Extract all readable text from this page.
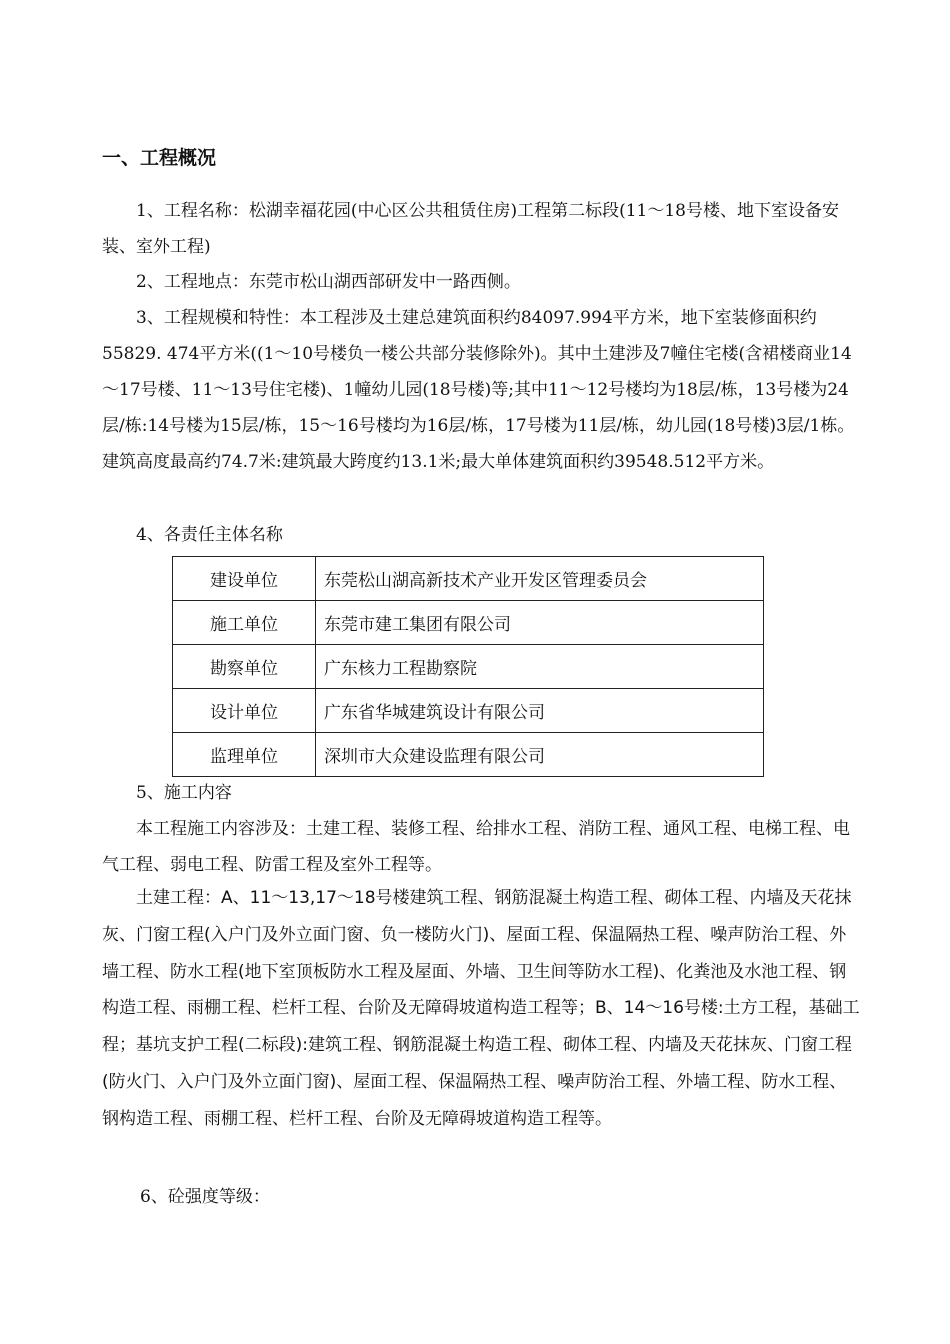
一、工程概况

1、工程名称：松湖幸福花园(中心区公共租赁住房)工程第二标段(11～18号楼、地下室设备安装、室外工程)

2、工程地点：东莞市松山湖西部研发中一路西侧。

3、工程规模和特性：本工程涉及土建总建筑面积约84097.994平方米，地下室装修面积约55829. 474平方米((1～10号楼负一楼公共部分装修除外)。其中土建涉及7幢住宅楼(含裙楼商业14～17号楼、11～13号住宅楼)、1幢幼儿园(18号楼)等;其中11～12号楼均为18层/栋，13号楼为24层/栋:14号楼为15层/栋，15～16号楼均为16层/栋，17号楼为11层/栋，幼儿园(18号楼)3层/1栋。建筑高度最高约74.7米:建筑最大跨度约13.1米;最大单体建筑面积约39548.512平方米。

4、各责任主体名称

建设单位	东莞松山湖高新技术产业开发区管理委员会
施工单位	东莞市建工集团有限公司
勘察单位	广东核力工程勘察院
设计单位	广东省华城建筑设计有限公司
监理单位	深圳市大众建设监理有限公司

5、施工内容

本工程施工内容涉及：土建工程、装修工程、给排水工程、消防工程、通风工程、电梯工程、电气工程、弱电工程、防雷工程及室外工程等。

土建工程：A、11～13,17～18号楼建筑工程、钢筋混凝土构造工程、砌体工程、内墙及天花抹灰、门窗工程(入户门及外立面门窗、负一楼防火门)、屋面工程、保温隔热工程、噪声防治工程、外墙工程、防水工程(地下室顶板防水工程及屋面、外墙、卫生间等防水工程)、化粪池及水池工程、钢构造工程、雨棚工程、栏杆工程、台阶及无障碍坡道构造工程等；B、14～16号楼:土方工程，基础工程；基坑支护工程(二标段):建筑工程、钢筋混凝土构造工程、砌体工程、内墙及天花抹灰、门窗工程(防火门、入户门及外立面门窗)、屋面工程、保温隔热工程、噪声防治工程、外墙工程、防水工程、钢构造工程、雨棚工程、栏杆工程、台阶及无障碍坡道构造工程等。

6、砼强度等级：
